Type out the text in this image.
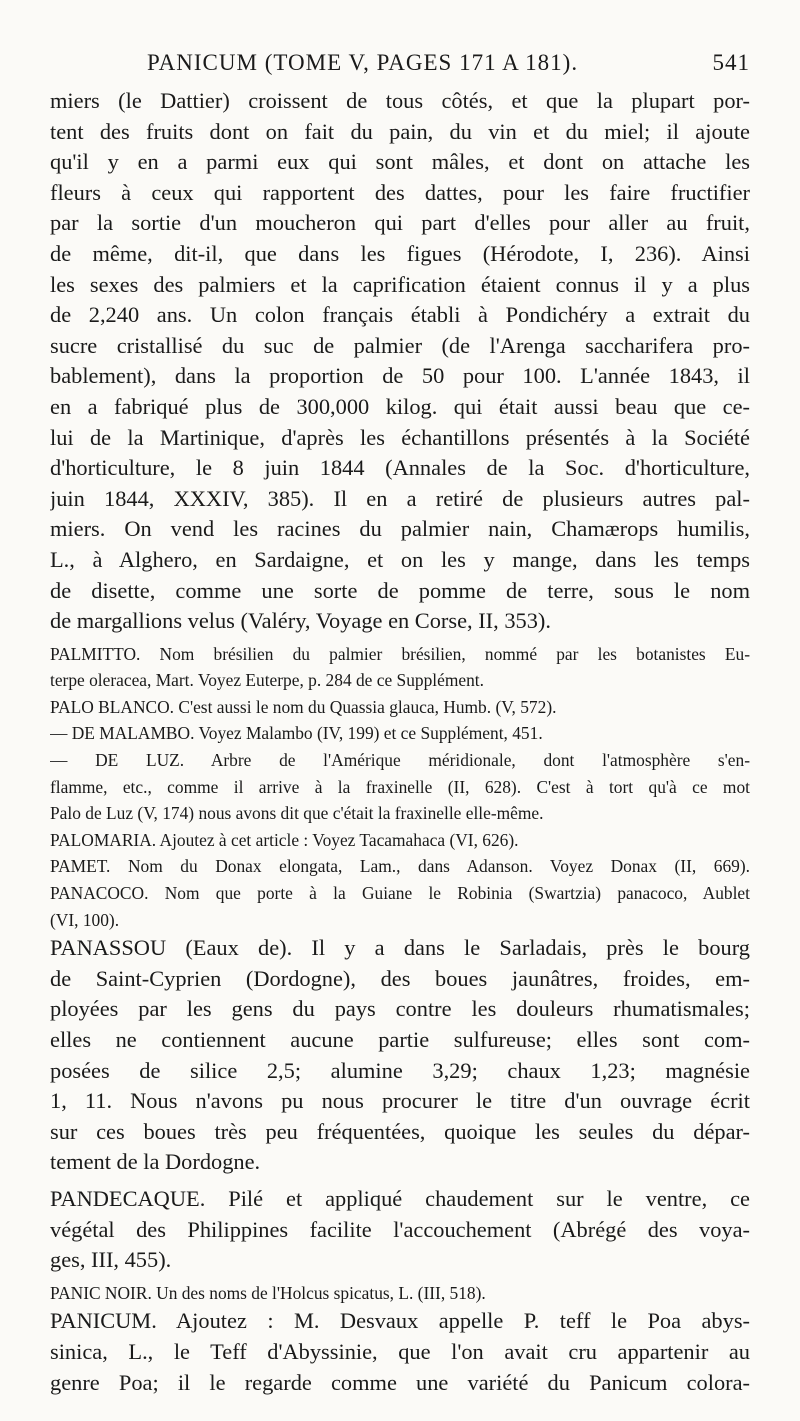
PANICUM (TOME V, PAGES 171 A 181).	541
miers (le Dattier) croissent de tous côtés, et que la plupart por-
tent des fruits dont on fait du pain, du vin et du miel; il ajoute
qu'il y en a parmi eux qui sont mâles, et dont on attache les
fleurs à ceux qui rapportent des dattes, pour les faire fructifier
par la sortie d'un moucheron qui part d'elles pour aller au fruit,
de même, dit-il, que dans les figues (Hérodote, I, 236). Ainsi
les sexes des palmiers et la caprification étaient connus il y a plus
de 2,240 ans. Un colon français établi à Pondichéry a extrait du
sucre cristallisé du suc de palmier (de l'Arenga saccharifera pro-
bablement), dans la proportion de 50 pour 100. L'année 1843, il
en a fabriqué plus de 300,000 kilog. qui était aussi beau que ce-
lui de la Martinique, d'après les échantillons présentés à la Société
d'horticulture, le 8 juin 1844 (Annales de la Soc. d'horticulture,
juin 1844, XXXIV, 385). Il en a retiré de plusieurs autres pal-
miers. On vend les racines du palmier nain, Chamærops humilis,
L., à Alghero, en Sardaigne, et on les y mange, dans les temps
de disette, comme une sorte de pomme de terre, sous le nom
de margallions velus (Valéry, Voyage en Corse, II, 353).
PALMITTO. Nom brésilien du palmier brésilien, nommé par les botanistes Eu-
terpe oleracea, Mart. Voyez Euterpe, p. 284 de ce Supplément.
PALO BLANCO. C'est aussi le nom du Quassia glauca, Humb. (V, 572).
— DE MALAMBO. Voyez Malambo (IV, 199) et ce Supplément, 451.
— DE LUZ. Arbre de l'Amérique méridionale, dont l'atmosphère s'en-
flamme, etc., comme il arrive à la fraxinelle (II, 628). C'est à tort qu'à ce mot
Palo de Luz (V, 174) nous avons dit que c'était la fraxinelle elle-même.
PALOMARIA. Ajoutez à cet article : Voyez Tacamahaca (VI, 626).
PAMET. Nom du Donax elongata, Lam., dans Adanson. Voyez Donax (II, 669).
PANACOCO. Nom que porte à la Guiane le Robinia (Swartzia) panacoco, Aublet
(VI, 100).
PANASSOU (Eaux de). Il y a dans le Sarladais, près le bourg
de Saint-Cyprien (Dordogne), des boues jaunâtres, froides, em-
ployées par les gens du pays contre les douleurs rhumatismales;
elles ne contiennent aucune partie sulfureuse; elles sont com-
posées de silice 2,5; alumine 3,29; chaux 1,23; magnésie
1, 11. Nous n'avons pu nous procurer le titre d'un ouvrage écrit
sur ces boues très peu fréquentées, quoique les seules du dépar-
tement de la Dordogne.
PANDECAQUE. Pilé et appliqué chaudement sur le ventre, ce
végétal des Philippines facilite l'accouchement (Abrégé des voya-
ges, III, 455).
PANIC NOIR. Un des noms de l'Holcus spicatus, L. (III, 518).
PANICUM. Ajoutez : M. Desvaux appelle P. teff le Poa abys-
sinica, L., le Teff d'Abyssinie, que l'on avait cru appartenir au
genre Poa; il le regarde comme une variété du Panicum colora-
